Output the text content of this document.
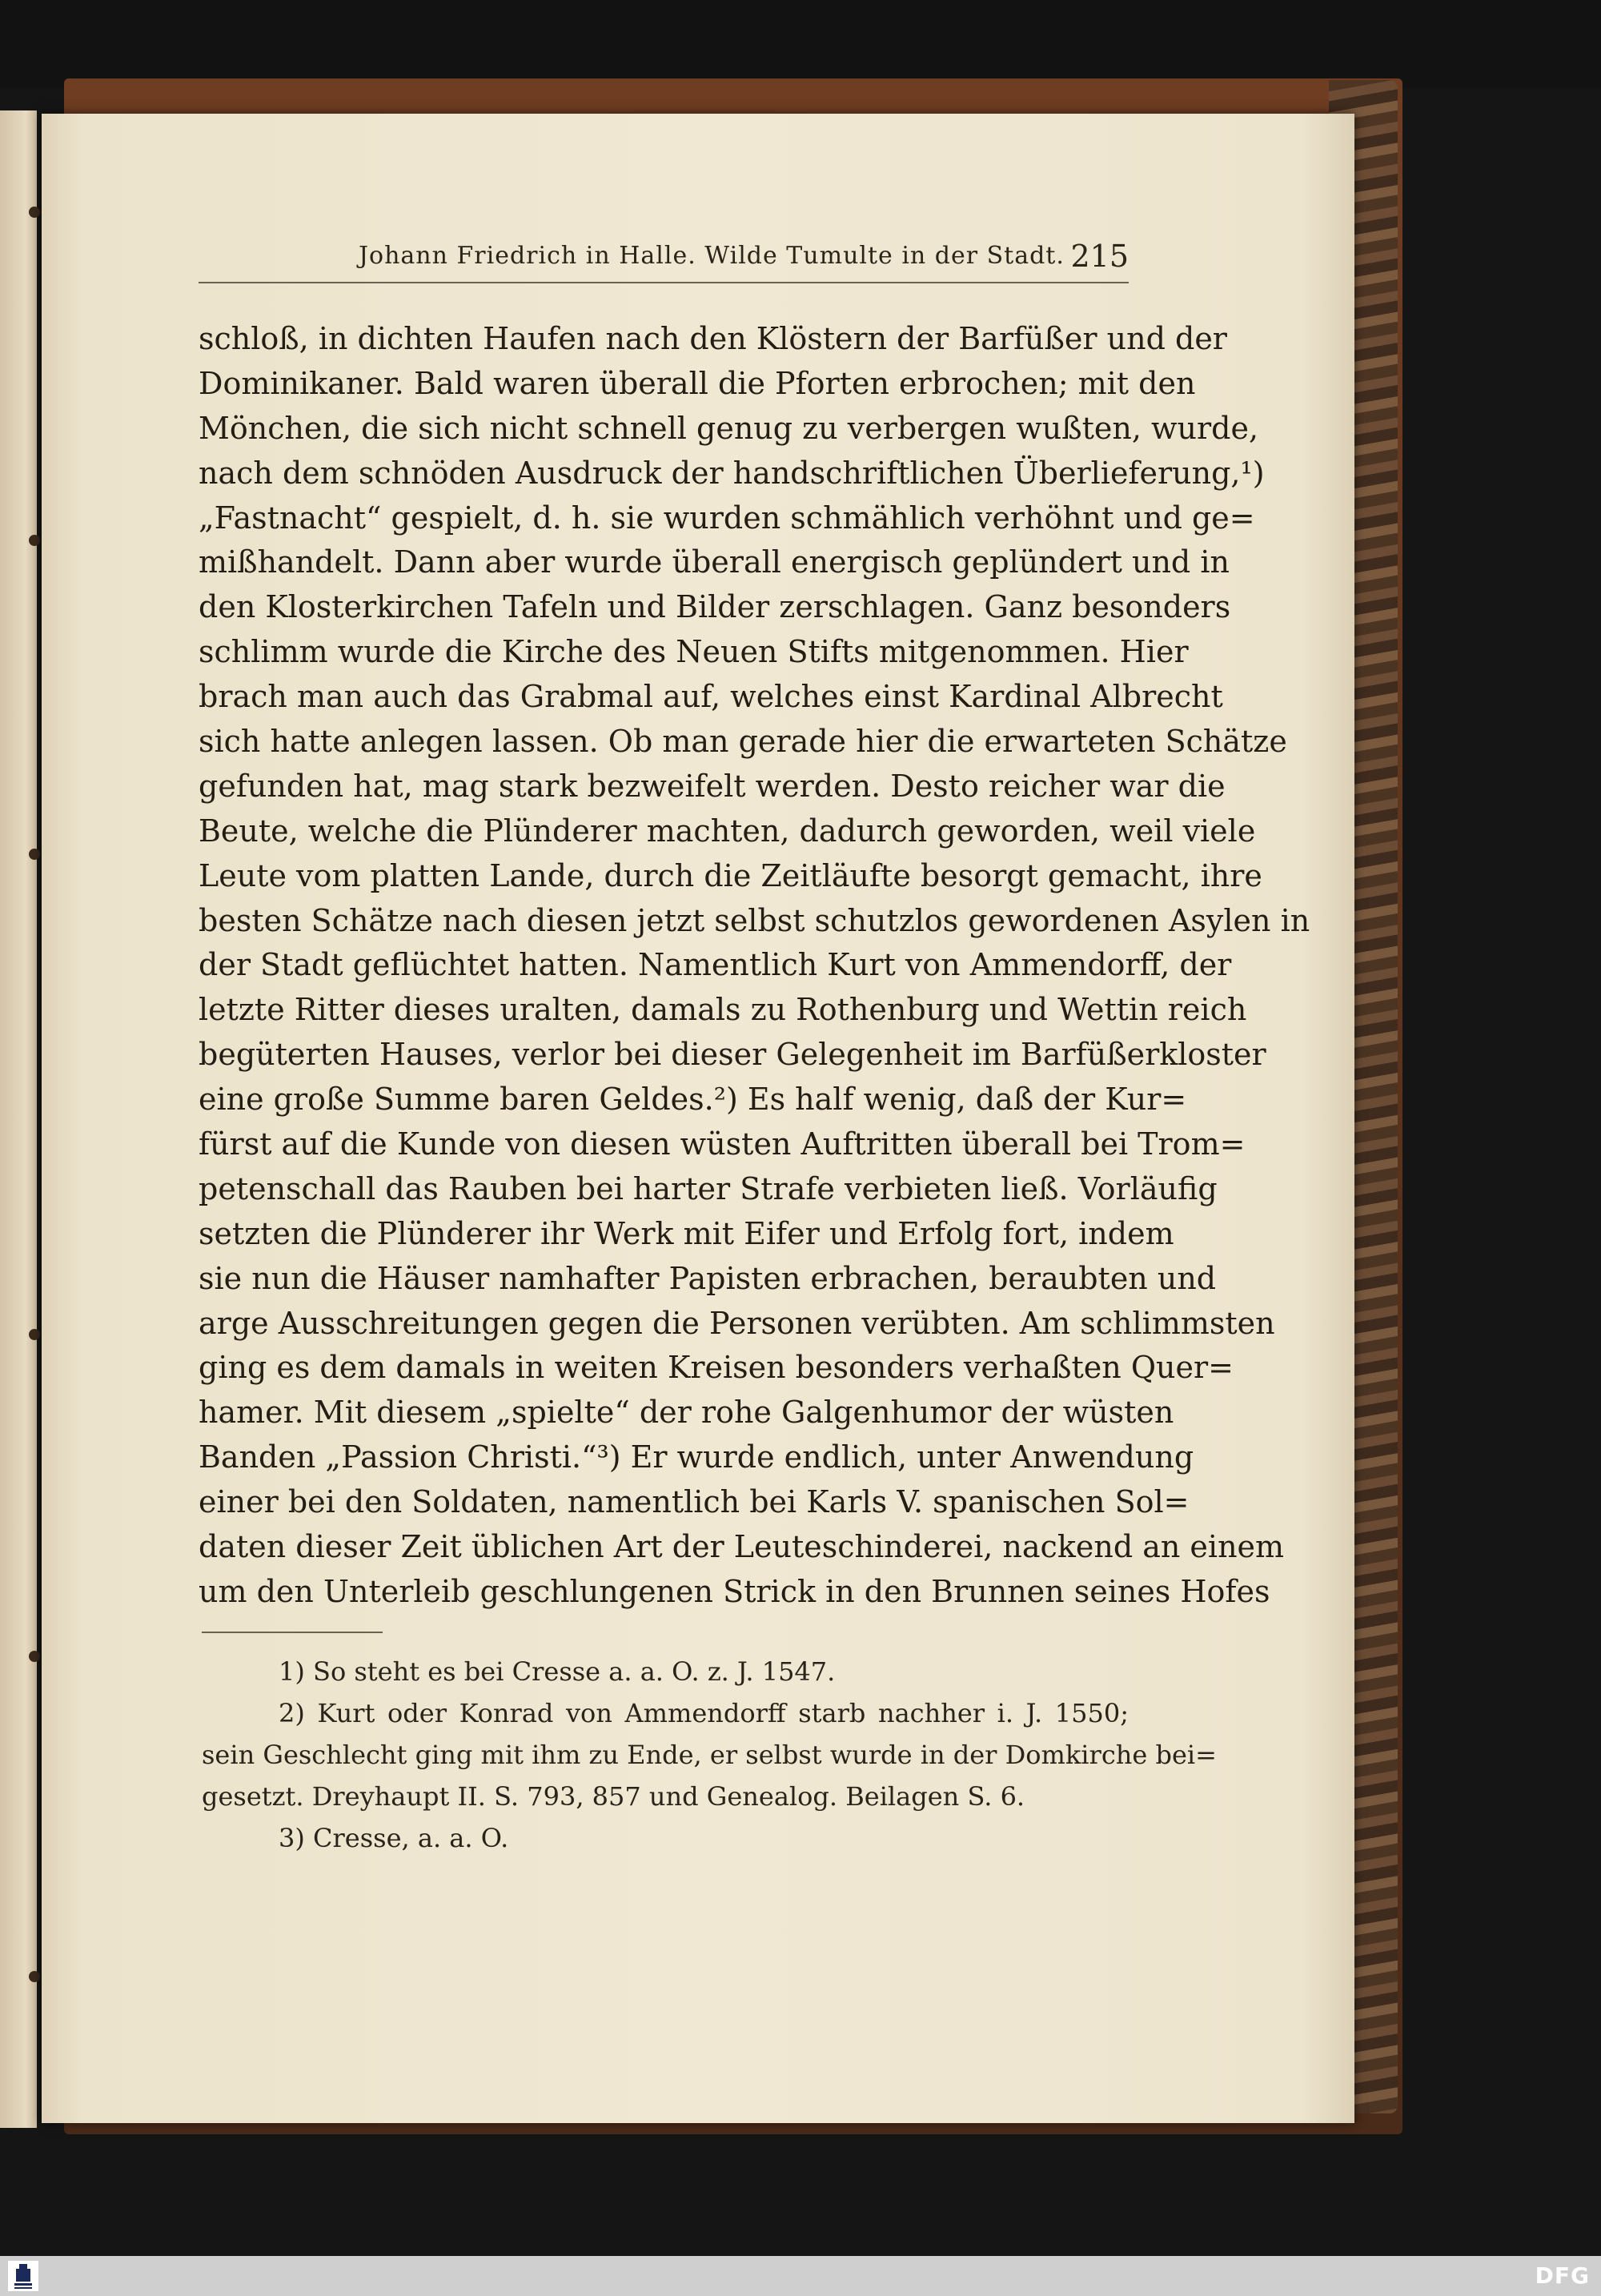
Johann Friedrich in Halle. Wilde Tumulte in der Stadt. 215
schloß, in dichten Haufen nach den Klöstern der Barfüßer und der
Dominikaner. Bald waren überall die Pforten erbrochen; mit den
Mönchen, die sich nicht schnell genug zu verbergen wußten, wurde,
nach dem schnöden Ausdruck der handschriftlichen Überlieferung,¹)
„Fastnacht“ gespielt, d. h. sie wurden schmählich verhöhnt und ge=
mißhandelt. Dann aber wurde überall energisch geplündert und in
den Klosterkirchen Tafeln und Bilder zerschlagen. Ganz besonders
schlimm wurde die Kirche des Neuen Stifts mitgenommen. Hier
brach man auch das Grabmal auf, welches einst Kardinal Albrecht
sich hatte anlegen lassen. Ob man gerade hier die erwarteten Schätze
gefunden hat, mag stark bezweifelt werden. Desto reicher war die
Beute, welche die Plünderer machten, dadurch geworden, weil viele
Leute vom platten Lande, durch die Zeitläufte besorgt gemacht, ihre
besten Schätze nach diesen jetzt selbst schutzlos gewordenen Asylen in
der Stadt geflüchtet hatten. Namentlich Kurt von Ammendorff, der
letzte Ritter dieses uralten, damals zu Rothenburg und Wettin reich
begüterten Hauses, verlor bei dieser Gelegenheit im Barfüßerkloster
eine große Summe baren Geldes.²) Es half wenig, daß der Kur=
fürst auf die Kunde von diesen wüsten Auftritten überall bei Trom=
petenschall das Rauben bei harter Strafe verbieten ließ. Vorläufig
setzten die Plünderer ihr Werk mit Eifer und Erfolg fort, indem
sie nun die Häuser namhafter Papisten erbrachen, beraubten und
arge Ausschreitungen gegen die Personen verübten. Am schlimmsten
ging es dem damals in weiten Kreisen besonders verhaßten Quer=
hamer. Mit diesem „spielte“ der rohe Galgenhumor der wüsten
Banden „Passion Christi.“³) Er wurde endlich, unter Anwendung
einer bei den Soldaten, namentlich bei Karls V. spanischen Sol=
daten dieser Zeit üblichen Art der Leuteschinderei, nackend an einem
um den Unterleib geschlungenen Strick in den Brunnen seines Hofes
1) So steht es bei Cresse a. a. O. z. J. 1547.
2) Kurt oder Konrad von Ammendorff starb nachher i. J. 1550;
sein Geschlecht ging mit ihm zu Ende, er selbst wurde in der Domkirche bei=
gesetzt. Dreyhaupt II. S. 793, 857 und Genealog. Beilagen S. 6.
3) Cresse, a. a. O.
DFG
